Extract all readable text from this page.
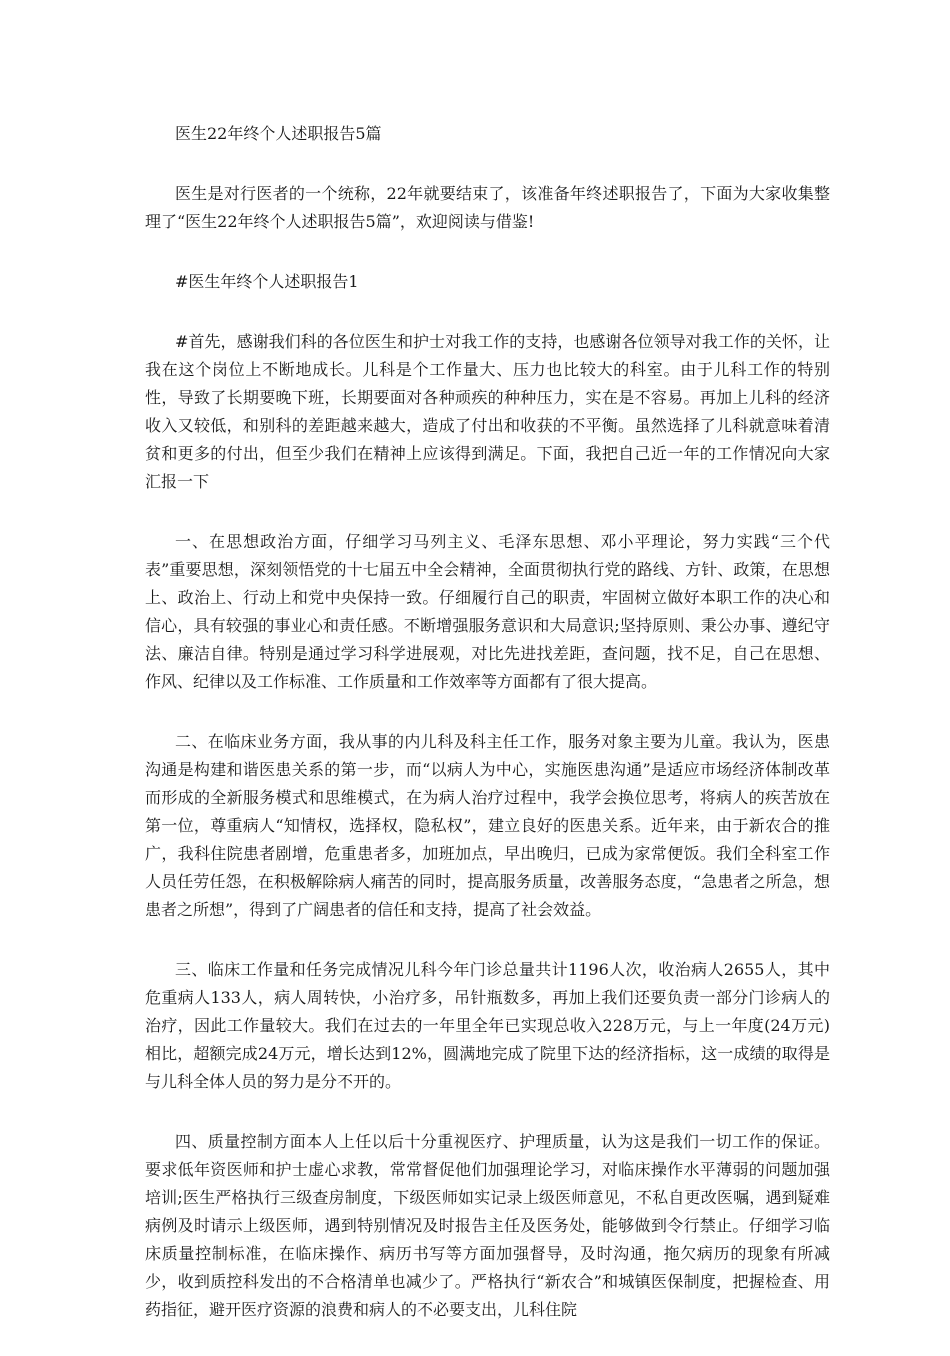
医生22年终个人述职报告5篇

医生是对行医者的一个统称，22年就要结束了，该准备年终述职报告了，下面为大家收集整理了“医生22年终个人述职报告5篇”，欢迎阅读与借鉴!

#医生年终个人述职报告1

#首先，感谢我们科的各位医生和护士对我工作的支持，也感谢各位领导对我工作的关怀，让我在这个岗位上不断地成长。儿科是个工作量大、压力也比较大的科室。由于儿科工作的特别性，导致了长期要晚下班，长期要面对各种顽疾的种种压力，实在是不容易。再加上儿科的经济收入又较低，和别科的差距越来越大，造成了付出和收获的不平衡。虽然选择了儿科就意味着清贫和更多的付出，但至少我们在精神上应该得到满足。下面，我把自己近一年的工作情况向大家汇报一下

一、在思想政治方面，仔细学习马列主义、毛泽东思想、邓小平理论，努力实践“三个代表”重要思想，深刻领悟党的十七届五中全会精神，全面贯彻执行党的路线、方针、政策，在思想上、政治上、行动上和党中央保持一致。仔细履行自己的职责，牢固树立做好本职工作的决心和信心，具有较强的事业心和责任感。不断增强服务意识和大局意识;坚持原则、秉公办事、遵纪守法、廉洁自律。特别是通过学习科学进展观，对比先进找差距，查问题，找不足，自己在思想、作风、纪律以及工作标准、工作质量和工作效率等方面都有了很大提高。

二、在临床业务方面，我从事的内儿科及科主任工作，服务对象主要为儿童。我认为，医患沟通是构建和谐医患关系的第一步，而“以病人为中心，实施医患沟通”是适应市场经济体制改革而形成的全新服务模式和思维模式，在为病人治疗过程中，我学会换位思考，将病人的疾苦放在第一位，尊重病人“知情权，选择权，隐私权”，建立良好的医患关系。近年来，由于新农合的推广，我科住院患者剧增，危重患者多，加班加点，早出晚归，已成为家常便饭。我们全科室工作人员任劳任怨，在积极解除病人痛苦的同时，提高服务质量，改善服务态度，“急患者之所急，想患者之所想”，得到了广阔患者的信任和支持，提高了社会效益。

三、临床工作量和任务完成情况儿科今年门诊总量共计1196人次，收治病人2655人，其中危重病人133人，病人周转快，小治疗多，吊针瓶数多，再加上我们还要负责一部分门诊病人的治疗，因此工作量较大。我们在过去的一年里全年已实现总收入228万元，与上一年度(24万元)相比，超额完成24万元，增长达到12%，圆满地完成了院里下达的经济指标，这一成绩的取得是与儿科全体人员的努力是分不开的。

四、质量控制方面本人上任以后十分重视医疗、护理质量，认为这是我们一切工作的保证。要求低年资医师和护士虚心求教，常常督促他们加强理论学习，对临床操作水平薄弱的问题加强培训;医生严格执行三级查房制度，下级医师如实记录上级医师意见，不私自更改医嘱，遇到疑难病例及时请示上级医师，遇到特别情况及时报告主任及医务处，能够做到令行禁止。仔细学习临床质量控制标准，在临床操作、病历书写等方面加强督导，及时沟通，拖欠病历的现象有所减少，收到质控科发出的不合格清单也减少了。严格执行“新农合”和城镇医保制度，把握检查、用药指征，避开医疗资源的浪费和病人的不必要支出，儿科住院
